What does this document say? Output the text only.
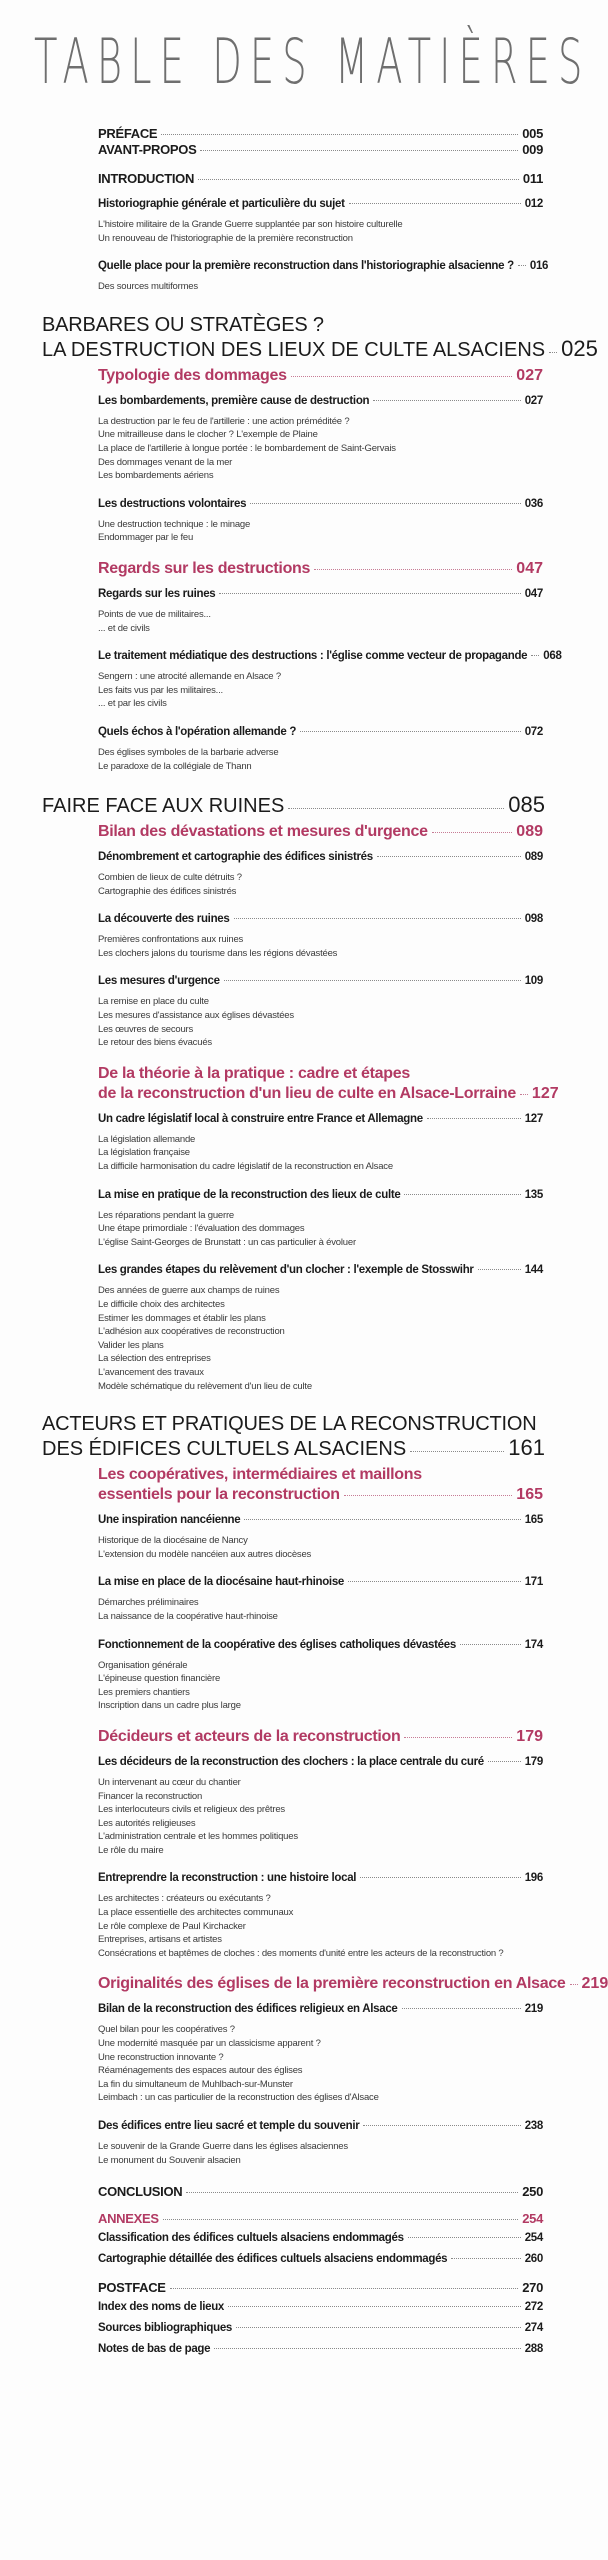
TABLE DES MATIÈRES
PRÉFACE	005
AVANT-PROPOS	009
INTRODUCTION	011
Historiographie générale et particulière du sujet	012
L'histoire militaire de la Grande Guerre supplantée par son histoire culturelle
Un renouveau de l'historiographie de la première reconstruction
Quelle place pour la première reconstruction dans l'historiographie alsacienne ? 016
Des sources multiformes
BARBARES OU STRATÈGES ?
LA DESTRUCTION DES LIEUX DE CULTE ALSACIENS 025
Typologie des dommages	027
Les bombardements, première cause de destruction	027
La destruction par le feu de l'artillerie : une action préméditée ?
Une mitrailleuse dans le clocher ? L'exemple de Plaine
La place de l'artillerie à longue portée : le bombardement de Saint-Gervais
Des dommages venant de la mer
Les bombardements aériens
Les destructions volontaires	036
Une destruction technique : le minage
Endommager par le feu
Regards sur les destructions	047
Regards sur les ruines	047
Points de vue de militaires...
... et de civils
Le traitement médiatique des destructions : l'église comme vecteur de propagande 068
Sengern : une atrocité allemande en Alsace ?
Les faits vus par les militaires...
... et par les civils
Quels échos à l'opération allemande ?	072
Des églises symboles de la barbarie adverse
Le paradoxe de la collégiale de Thann
FAIRE FACE AUX RUINES	085
Bilan des dévastations et mesures d'urgence	089
Dénombrement et cartographie des édifices sinistrés	089
Combien de lieux de culte détruits ?
Cartographie des édifices sinistrés
La découverte des ruines	098
Premières confrontations aux ruines
Les clochers jalons du tourisme dans les régions dévastées
Les mesures d'urgence	109
La remise en place du culte
Les mesures d'assistance aux églises dévastées
Les œuvres de secours
Le retour des biens évacués
De la théorie à la pratique : cadre et étapes
de la reconstruction d'un lieu de culte en Alsace-Lorraine 127
Un cadre législatif local à construire entre France et Allemagne	127
La législation allemande
La législation française
La difficile harmonisation du cadre législatif de la reconstruction en Alsace
La mise en pratique de la reconstruction des lieux de culte	135
Les réparations pendant la guerre
Une étape primordiale : l'évaluation des dommages
L'église Saint-Georges de Brunstatt : un cas particulier à évoluer
Les grandes étapes du relèvement d'un clocher : l'exemple de Stosswihr	144
Des années de guerre aux champs de ruines
Le difficile choix des architectes
Estimer les dommages et établir les plans
L'adhésion aux coopératives de reconstruction
Valider les plans
La sélection des entreprises
L'avancement des travaux
Modèle schématique du relèvement d'un lieu de culte
ACTEURS ET PRATIQUES DE LA RECONSTRUCTION
DES ÉDIFICES CULTUELS ALSACIENS	161
Les coopératives, intermédiaires et maillons
essentiels pour la reconstruction	165
Une inspiration nancéienne	165
Historique de la diocésaine de Nancy
L'extension du modèle nancéien aux autres diocèses
La mise en place de la diocésaine haut-rhinoise	171
Démarches préliminaires
La naissance de la coopérative haut-rhinoise
Fonctionnement de la coopérative des églises catholiques dévastées	174
Organisation générale
L'épineuse question financière
Les premiers chantiers
Inscription dans un cadre plus large
Décideurs et acteurs de la reconstruction	179
Les décideurs de la reconstruction des clochers : la place centrale du curé	179
Un intervenant au cœur du chantier
Financer la reconstruction
Les interlocuteurs civils et religieux des prêtres
Les autorités religieuses
L'administration centrale et les hommes politiques
Le rôle du maire
Entreprendre la reconstruction : une histoire local	196
Les architectes : créateurs ou exécutants ?
La place essentielle des architectes communaux
Le rôle complexe de Paul Kirchacker
Entreprises, artisans et artistes
Consécrations et baptêmes de cloches : des moments d'unité entre les acteurs de la reconstruction ?
Originalités des églises de la première reconstruction en Alsace 219
Bilan de la reconstruction des édifices religieux en Alsace	219
Quel bilan pour les coopératives ?
Une modernité masquée par un classicisme apparent ?
Une reconstruction innovante ?
Réaménagements des espaces autour des églises
La fin du simultaneum de Muhlbach-sur-Munster
Leimbach : un cas particulier de la reconstruction des églises d'Alsace
Des édifices entre lieu sacré et temple du souvenir	238
Le souvenir de la Grande Guerre dans les églises alsaciennes
Le monument du Souvenir alsacien
CONCLUSION	250
ANNEXES	254
Classification des édifices cultuels alsaciens endommagés	254
Cartographie détaillée des édifices cultuels alsaciens endommagés	260
POSTFACE	270
Index des noms de lieux	272
Sources bibliographiques	274
Notes de bas de page	288
